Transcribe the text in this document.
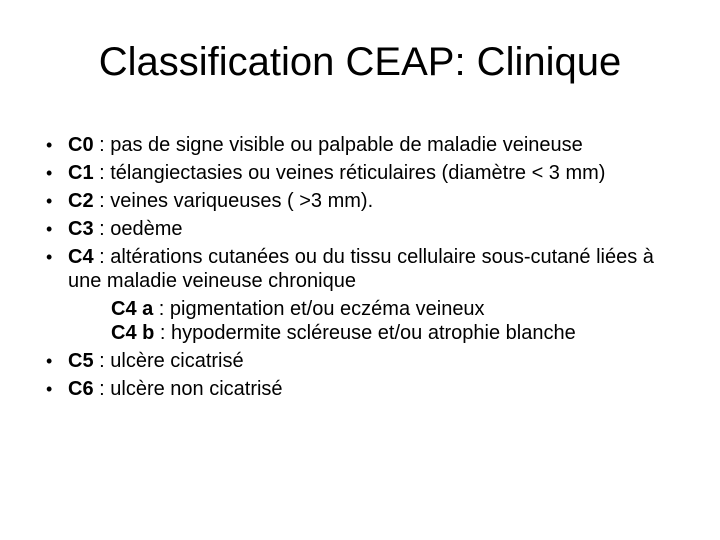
Classification CEAP: Clinique
• C0 : pas de signe visible ou palpable de maladie veineuse
• C1 : télangiectasies ou veines réticulaires (diamètre < 3 mm)
• C2 : veines variqueuses ( >3 mm).
• C3 : oedème
• C4 : altérations cutanées ou du tissu cellulaire sous-cutané liées à une maladie veineuse chronique
C4 a : pigmentation et/ou eczéma veineux
C4 b : hypodermite scléreuse et/ou atrophie blanche
• C5 : ulcère cicatrisé
• C6 : ulcère non cicatrisé
